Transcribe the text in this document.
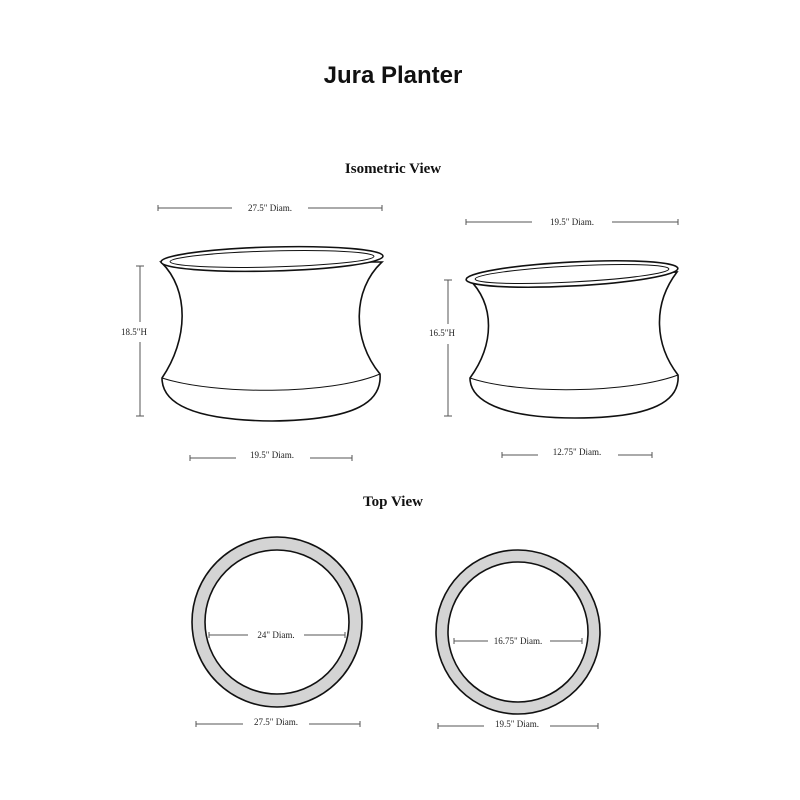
Jura Planter
Isometric View
27.5" Diam.
18.5"H
19.5" Diam.
19.5" Diam.
16.5"H
12.75" Diam.
Top View
24" Diam.
27.5" Diam.
16.75" Diam.
19.5" Diam.
